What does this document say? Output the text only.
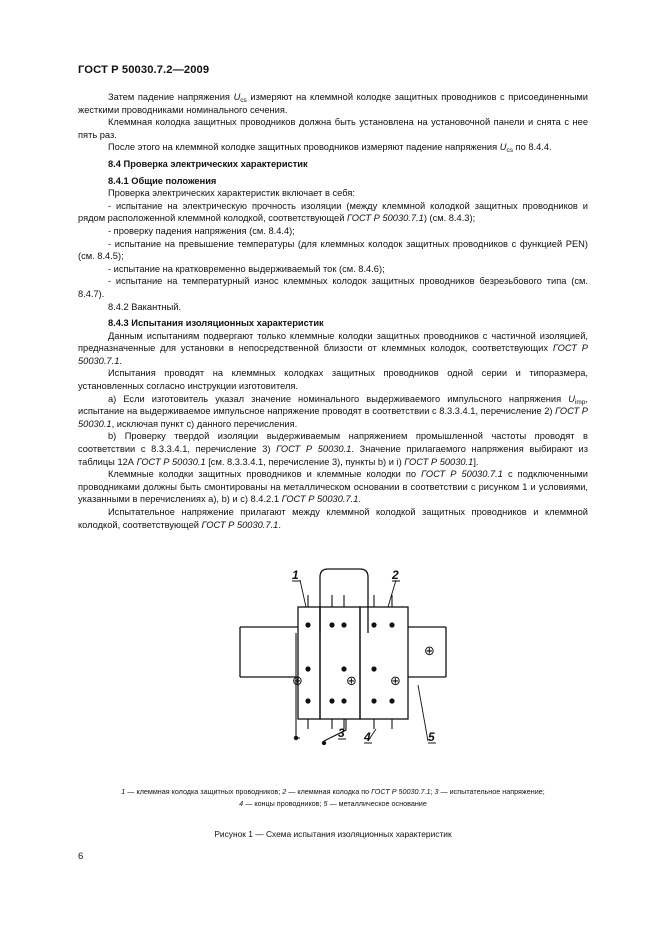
ГОСТ Р 50030.7.2—2009

Затем падение напряжения $U_{cs}$ измеряют на клеммной колодке защитных проводников с присоединенными жесткими проводниками номинального сечения.

Клеммная колодка защитных проводников должна быть установлена на установочной панели и снята с нее пять раз.

После этого на клеммной колодке защитных проводников измеряют падение напряжения $U_{cs}$ по 8.4.4.

8.4 Проверка электрических характеристик

8.4.1 Общие положения

Проверка электрических характеристик включает в себя:

- испытание на электрическую прочность изоляции (между клеммной колодкой защитных проводников и рядом расположенной клеммной колодкой, соответствующей ГОСТ Р 50030.7.1) (см. 8.4.3);

- проверку падения напряжения (см. 8.4.4);

- испытание на превышение температуры (для клеммных колодок защитных проводников с функцией PEN) (см. 8.4.5);

- испытание на кратковременно выдерживаемый ток (см. 8.4.6);

- испытание на температурный износ клеммных колодок защитных проводников безрезьбового типа (см. 8.4.7).

8.4.2 Вакантный.

8.4.3 Испытания изоляционных характеристик

Данным испытаниям подвергают только клеммные колодки защитных проводников с частичной изоляцией, предназначенные для установки в непосредственной близости от клеммных колодок, соответствующих ГОСТ Р 50030.7.1.

Испытания проводят на клеммных колодках защитных проводников одной серии и типоразмера, установленных согласно инструкции изготовителя.

а) Если изготовитель указал значение номинального выдерживаемого импульсного напряжения $U_{imp}$, испытание на выдерживаемое импульсное напряжение проводят в соответствии с 8.3.3.4.1, перечисление 2) ГОСТ Р 50030.1, исключая пункт с) данного перечисления.

b) Проверку твердой изоляции выдерживаемым напряжением промышленной частоты проводят в соответствии с 8.3.3.4.1, перечисление 3) ГОСТ Р 50030.1. Значение прилагаемого напряжения выбирают из таблицы 12А ГОСТ Р 50030.1 [см. 8.3.3.4.1, перечисление 3), пункты b) и i) ГОСТ Р 50030.1].

Клеммные колодки защитных проводников и клеммные колодки по ГОСТ Р 50030.7.1 с подключенными проводниками должны быть смонтированы на металлическом основании в соответствии с рисунком 1 и условиями, указанными в перечислениях а), b) и с) 8.4.2.1 ГОСТ Р 50030.7.1.

Испытательное напряжение прилагают между клеммной колодкой защитных проводников и клеммной колодкой, соответствующей ГОСТ Р 50030.7.1.

⊕	⊕	⊕
⊕
1	2
3 4	5
1 — клеммная колодка защитных проводников; 2 — клеммная колодка по ГОСТ Р 50030.7.1; 3 — испытательное напряжение;
4 — концы проводников; 5 — металлическое основание
Рисунок 1 — Схема испытания изоляционных характеристик
6
